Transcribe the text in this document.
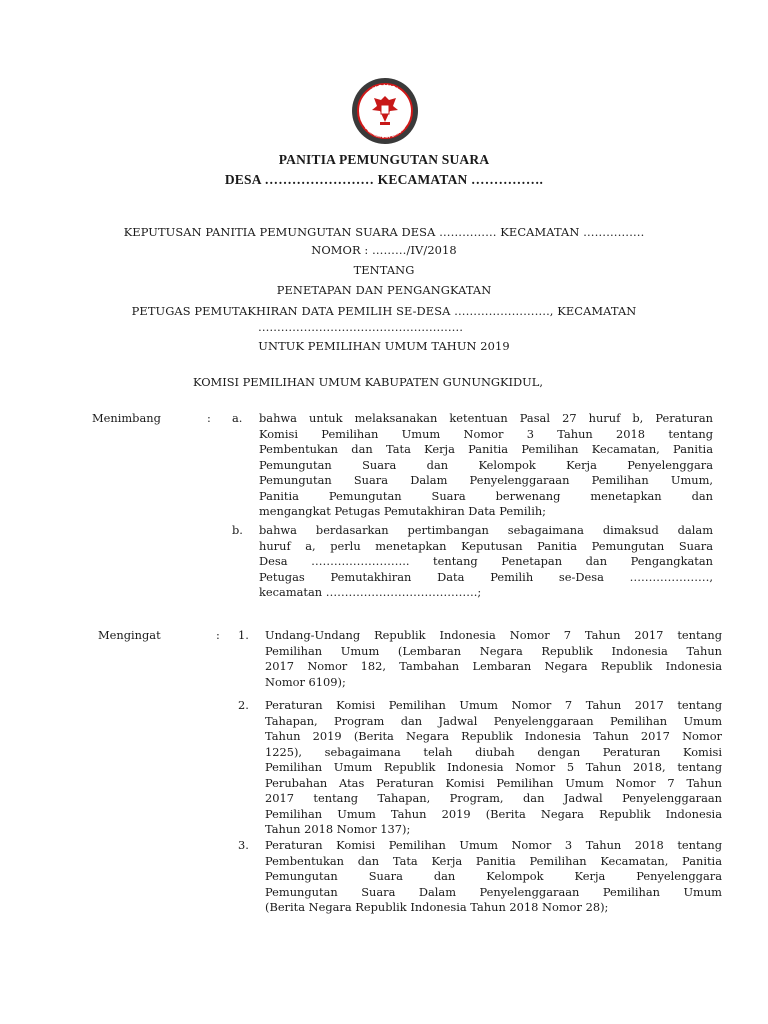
KOMISI
PEMILIHAN UMUM
PANITIA PEMUNGUTAN SUARA
DESA …………………… KECAMATAN …………….
KEPUTUSAN PANITIA PEMUNGUTAN SUARA DESA …………… KECAMATAN …………….
NOMOR : ………/IV/2018
TENTANG
PENETAPAN DAN PENGANGKATAN
PETUGAS PEMUTAKHIRAN DATA PEMILIH SE-DESA ……………………., KECAMATAN
………………………………………………
UNTUK PEMILIHAN UMUM TAHUN 2019
KOMISI PEMILIHAN UMUM KABUPATEN GUNUNGKIDUL,
Menimbang	: a. bahwa untuk melaksanakan ketentuan Pasal 27 huruf b, Peraturan
Komisi Pemilihan Umum Nomor 3 Tahun 2018 tentang
Pembentukan dan Tata Kerja Panitia Pemilihan Kecamatan, Panitia
Pemungutan Suara dan Kelompok Kerja Penyelenggara
Pemungutan Suara Dalam Penyelenggaraan Pemilihan Umum,
Panitia Pemungutan Suara berwenang menetapkan dan
mengangkat Petugas Pemutakhiran Data Pemilih;
b. bahwa berdasarkan pertimbangan sebagaimana dimaksud dalam
huruf a, perlu menetapkan Keputusan Panitia Pemungutan Suara
Desa …………………….. tentang Penetapan dan Pengangkatan
Petugas Pemutakhiran Data Pemilih se-Desa …………………,
kecamatan ………………………………….;
Mengingat	: 1. Undang-Undang Republik Indonesia Nomor 7 Tahun 2017 tentang
Pemilihan Umum (Lembaran Negara Republik Indonesia Tahun
2017 Nomor 182, Tambahan Lembaran Negara Republik Indonesia
Nomor 6109);
2. Peraturan Komisi Pemilihan Umum Nomor 7 Tahun 2017 tentang
Tahapan, Program dan Jadwal Penyelenggaraan Pemilihan Umum
Tahun 2019 (Berita Negara Republik Indonesia Tahun 2017 Nomor
1225), sebagaimana telah diubah dengan Peraturan Komisi
Pemilihan Umum Republik Indonesia Nomor 5 Tahun 2018, tentang
Perubahan Atas Peraturan Komisi Pemilihan Umum Nomor 7 Tahun
2017 tentang Tahapan, Program, dan Jadwal Penyelenggaraan
Pemilihan Umum Tahun 2019 (Berita Negara Republik Indonesia
Tahun 2018 Nomor 137);
3. Peraturan Komisi Pemilihan Umum Nomor 3 Tahun 2018 tentang
Pembentukan dan Tata Kerja Panitia Pemilihan Kecamatan, Panitia
Pemungutan Suara dan Kelompok Kerja Penyelenggara
Pemungutan Suara Dalam Penyelenggaraan Pemilihan Umum
(Berita Negara Republik Indonesia Tahun 2018 Nomor 28);
